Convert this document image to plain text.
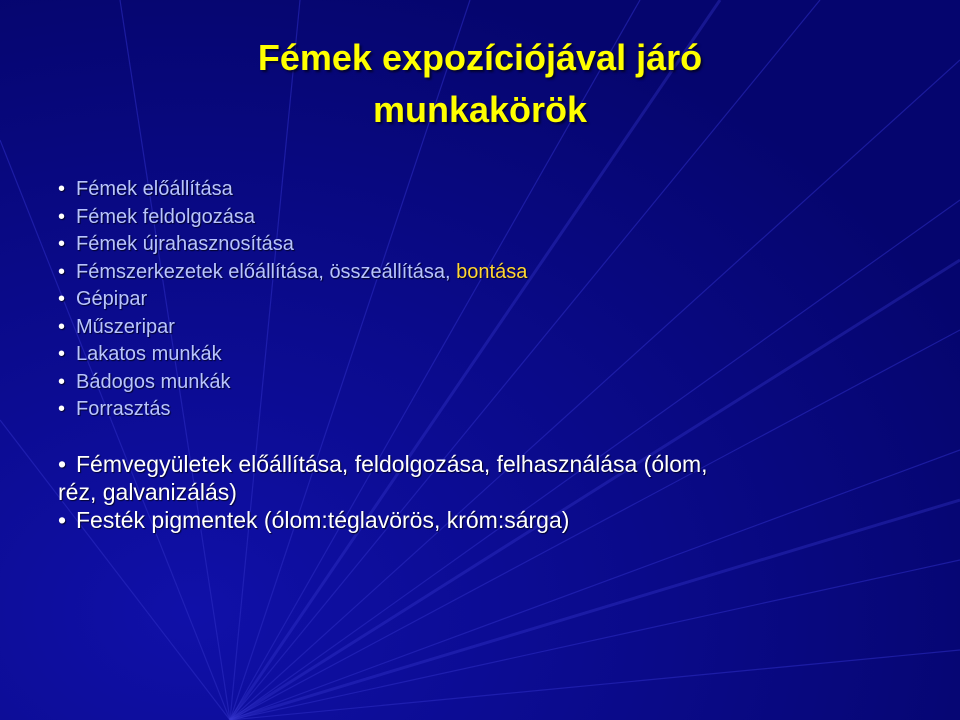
Fémek expozíciójával járó
munkakörök
• Fémek előállítása
• Fémek feldolgozása
• Fémek újrahasznosítása
• Fémszerkezetek előállítása, összeállítása, bontása
• Gépipar
• Műszeripar
• Lakatos munkák
• Bádogos munkák
• Forrasztás
• Fémvegyületek előállítása, feldolgozása, felhasználása (ólom,
réz, galvanizálás)
• Festék pigmentek (ólom:téglavörös, króm:sárga)
